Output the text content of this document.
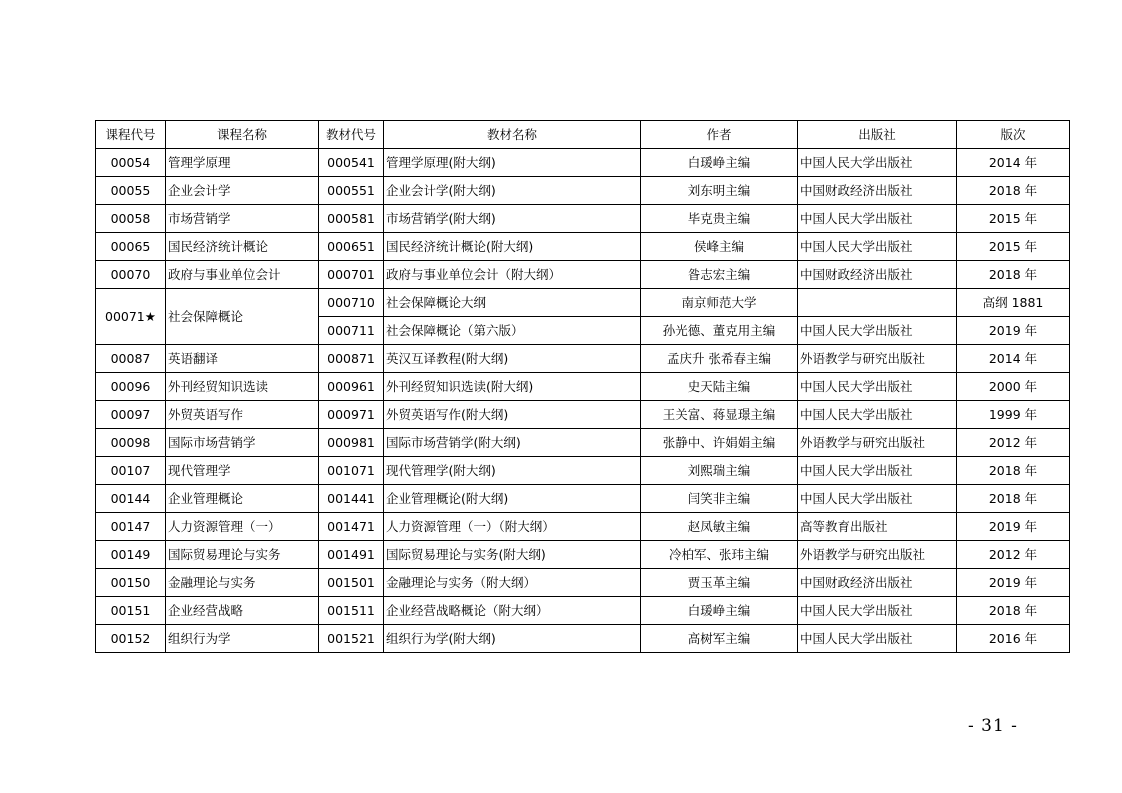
课程代号	课程名称	教材代号	教材名称	作者	出版社	版次
00054	管理学原理	000541	管理学原理(附大纲)	白瑗峥主编	中国人民大学出版社	2014 年
00055	企业会计学	000551	企业会计学(附大纲)	刘东明主编	中国财政经济出版社	2018 年
00058	市场营销学	000581	市场营销学(附大纲)	毕克贵主编	中国人民大学出版社	2015 年
00065	国民经济统计概论	000651	国民经济统计概论(附大纲)	侯峰主编	中国人民大学出版社	2015 年
00070	政府与事业单位会计	000701	政府与事业单位会计（附大纲）	昝志宏主编	中国财政经济出版社	2018 年
00071★	社会保障概论	000710	社会保障概论大纲	南京师范大学		高纲 1881
		000711	社会保障概论（第六版）	孙光德、董克用主编	中国人民大学出版社	2019 年
00087	英语翻译	000871	英汉互译教程(附大纲)	孟庆升 张希春主编	外语教学与研究出版社	2014 年
00096	外刊经贸知识选读	000961	外刊经贸知识选读(附大纲)	史天陆主编	中国人民大学出版社	2000 年
00097	外贸英语写作	000971	外贸英语写作(附大纲)	王关富、蒋显璟主编	中国人民大学出版社	1999 年
00098	国际市场营销学	000981	国际市场营销学(附大纲)	张静中、许娟娟主编	外语教学与研究出版社	2012 年
00107	现代管理学	001071	现代管理学(附大纲)	刘熙瑞主编	中国人民大学出版社	2018 年
00144	企业管理概论	001441	企业管理概论(附大纲)	闫笑非主编	中国人民大学出版社	2018 年
00147	人力资源管理（一）	001471	人力资源管理（一）（附大纲）	赵凤敏主编	高等教育出版社	2019 年
00149	国际贸易理论与实务	001491	国际贸易理论与实务(附大纲)	冷柏军、张玮主编	外语教学与研究出版社	2012 年
00150	金融理论与实务	001501	金融理论与实务（附大纲）	贾玉革主编	中国财政经济出版社	2019 年
00151	企业经营战略	001511	企业经营战略概论（附大纲）	白瑗峥主编	中国人民大学出版社	2018 年
00152	组织行为学	001521	组织行为学(附大纲)	高树军主编	中国人民大学出版社	2016 年
- 31 -
